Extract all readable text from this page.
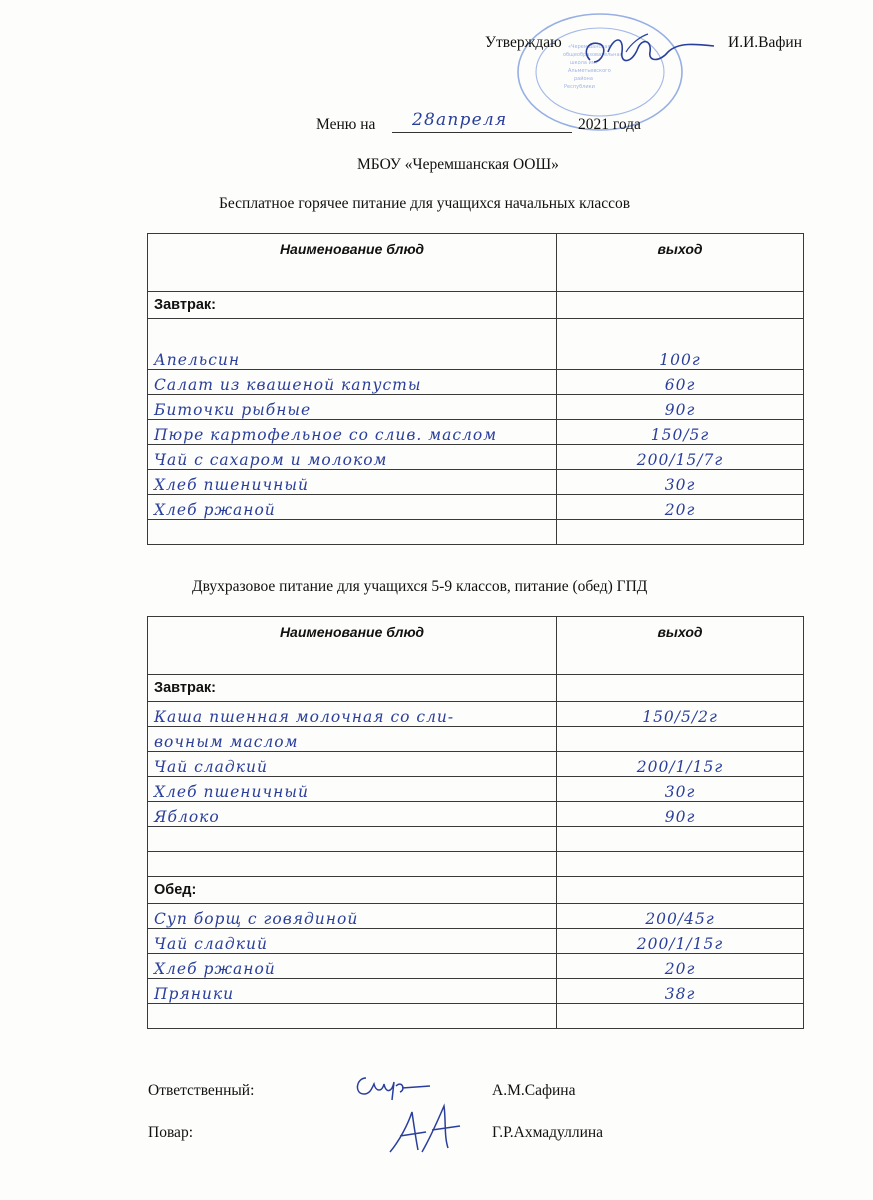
«Черемшанская
общеобразовательная
школа им.
Альметьевского
района
Республики
Утверждаю	И.И.Вафин
Меню на 28апреля	2021 года
МБОУ «Черемшанская ООШ»
Бесплатное горячее питание для учащихся начальных классов
Наименование блюд	выход
Завтрак:	
Апельсин	100г
Салат из квашеной капусты	60г
Биточки рыбные	90г
Пюре картофельное со слив. маслом	150/5г
Чай с сахаром и молоком	200/15/7г
Хлеб пшеничный	30г
Хлеб ржаной	20г

Двухразовое питание для учащихся 5-9 классов, питание (обед) ГПД
Наименование блюд	выход
Завтрак:	
Каша пшенная молочная со сли-	150/5/2г
вочным маслом	
Чай сладкий	200/1/15г
Хлеб пшеничный	30г
Яблоко	90г

Обед:	
Суп борщ с говядиной	200/45г
Чай сладкий	200/1/15г
Хлеб ржаной	20г
Пряники	38г

Ответственный:	А.М.Сафина
Повар:	Г.Р.Ахмадуллина
